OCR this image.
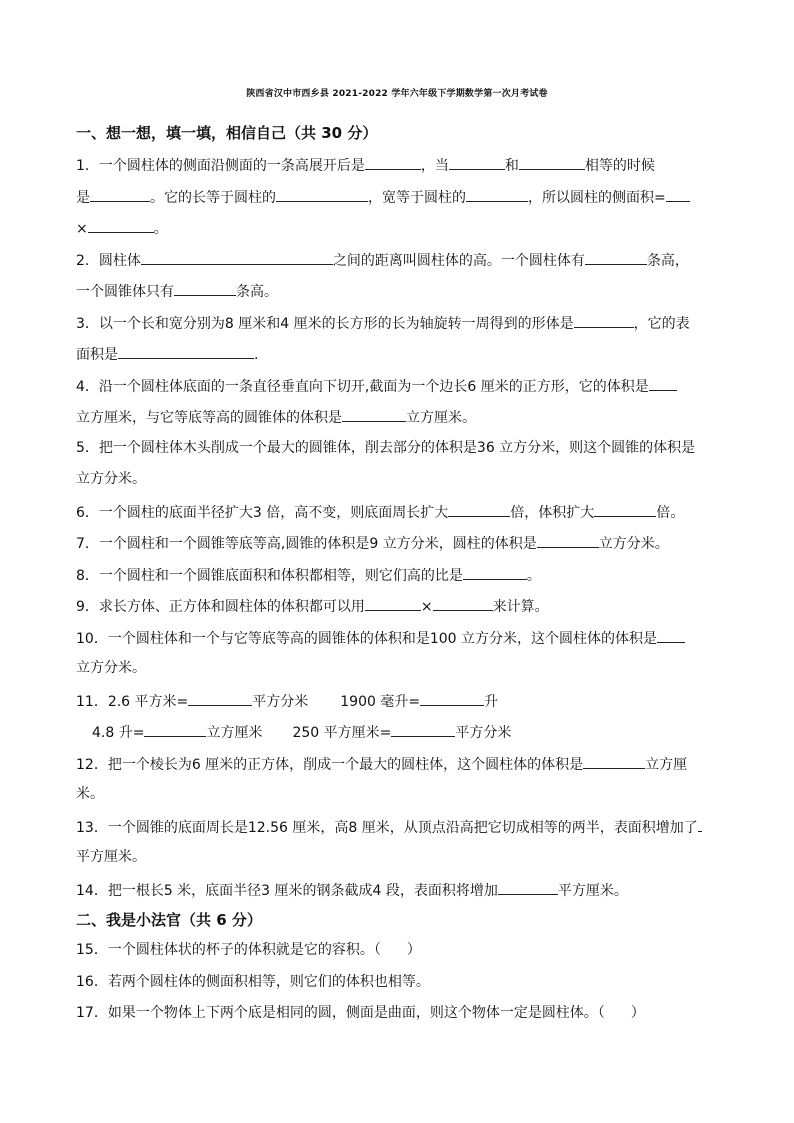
陕西省汉中市西乡县 2021-2022 学年六年级下学期数学第一次月考试卷
一、想一想，填一填，相信自己（共 30 分）
1．一个圆柱体的侧面沿侧面的一条高展开后是	，当	和	相等的时候
是	。它的长等于圆柱的	，宽等于圆柱的	，所以圆柱的侧面积=
×	。
2．圆柱体	之间的距离叫圆柱体的高。一个圆柱体有	条高，
一个圆锥体只有	条高。
3．以一个长和宽分别为8 厘米和4 厘米的长方形的长为轴旋转一周得到的形体是	，它的表
面积是	.
4．沿一个圆柱体底面的一条直径垂直向下切开,截面为一个边长6 厘米的正方形，它的体积是
立方厘米，与它等底等高的圆锥体的体积是	立方厘米。
5．把一个圆柱体木头削成一个最大的圆锥体，削去部分的体积是36 立方分米，则这个圆锥的体积是
立方分米。
6．一个圆柱的底面半径扩大3 倍，高不变，则底面周长扩大	倍，体积扩大	倍。
7．一个圆柱和一个圆锥等底等高,圆锥的体积是9 立方分米，圆柱的体积是	立方分米。
8．一个圆柱和一个圆锥底面积和体积都相等，则它们高的比是	。
9．求长方体、正方体和圆柱体的体积都可以用	×	来计算。
10．一个圆柱体和一个与它等底等高的圆锥体的体积和是100 立方分米，这个圆柱体的体积是
立方分米。
11．2.6 平方米=	平方分米 1900 毫升=	升
4.8 升=	立方厘米 250 平方厘米=	平方分米
12．把一个棱长为6 厘米的正方体，削成一个最大的圆柱体，这个圆柱体的体积是	立方厘
米。
13．一个圆锥的底面周长是12.56 厘米，高8 厘米，从顶点沿高把它切成相等的两半，表面积增加了
平方厘米。
14．把一根长5 米，底面半径3 厘米的钢条截成4 段，表面积将增加	平方厘米。
二、我是小法官（共 6 分）
15．一个圆柱体状的杯子的体积就是它的容积。（ ）
16．若两个圆柱体的侧面积相等，则它们的体积也相等。
17．如果一个物体上下两个底是相同的圆，侧面是曲面，则这个物体一定是圆柱体。（ ）
